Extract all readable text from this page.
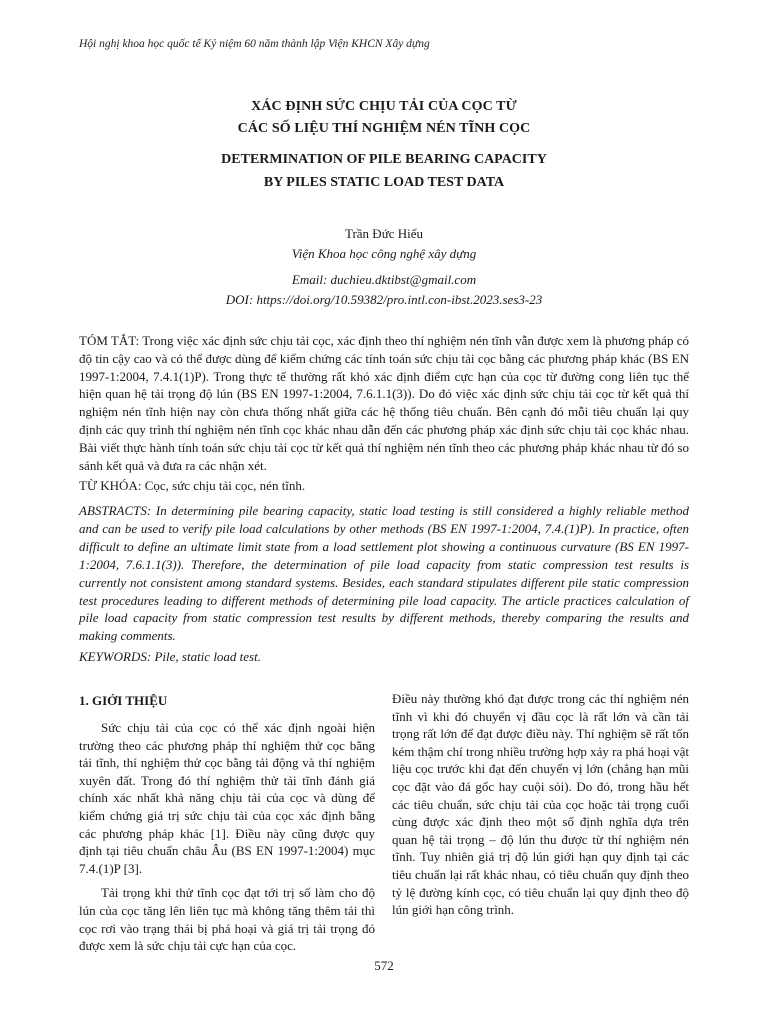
Hội nghị khoa học quốc tế Kỷ niệm 60 năm thành lập Viện KHCN Xây dựng
XÁC ĐỊNH SỨC CHỊU TẢI CỦA CỌC TỪ
CÁC SỐ LIỆU THÍ NGHIỆM NÉN TĨNH CỌC
DETERMINATION OF PILE BEARING CAPACITY
BY PILES STATIC LOAD TEST DATA
Trần Đức Hiếu
Viện Khoa học công nghệ xây dựng
Email: duchieu.dktibst@gmail.com
DOI: https://doi.org/10.59382/pro.intl.con-ibst.2023.ses3-23

TÓM TẮT: Trong việc xác định sức chịu tải cọc, xác định theo thí nghiệm nén tĩnh vẫn được xem là phương pháp có độ tin cậy cao và có thể được dùng để kiểm chứng các tính toán sức chịu tải cọc bằng các phương pháp khác (BS EN 1997-1:2004, 7.4.1(1)P). Trong thực tế thường rất khó xác định điểm cực hạn của cọc từ đường cong liên tục thể hiện quan hệ tải trọng độ lún (BS EN 1997-1:2004, 7.6.1.1(3)). Do đó việc xác định sức chịu tải cọc từ kết quả thí nghiệm nén tĩnh hiện nay còn chưa thống nhất giữa các hệ thống tiêu chuẩn. Bên cạnh đó mỗi tiêu chuẩn lại quy định các quy trình thí nghiệm nén tĩnh cọc khác nhau dẫn đến các phương pháp xác định sức chịu tải cọc khác nhau. Bài viết thực hành tính toán sức chịu tải cọc từ kết quả thí nghiệm nén tĩnh theo các phương pháp khác nhau từ đó so sánh kết quả và đưa ra các nhận xét.

TỪ KHÓA: Cọc, sức chịu tải cọc, nén tĩnh.

ABSTRACTS: In determining pile bearing capacity, static load testing is still considered a highly reliable method and can be used to verify pile load calculations by other methods (BS EN 1997-1:2004, 7.4.(1)P). In practice, often difficult to define an ultimate limit state from a load settlement plot showing a continuous curvature (BS EN 1997-1:2004, 7.6.1.1(3)). Therefore, the determination of pile load capacity from static compression test results is currently not consistent among standard systems. Besides, each standard stipulates different pile static compression test procedures leading to different methods of determining pile load capacity. The article practices calculation of pile load capacity from static compression test results by different methods, thereby comparing the results and making comments.

KEYWORDS: Pile, static load test.

1. GIỚI THIỆU

Sức chịu tải của cọc có thể xác định ngoài hiện trường theo các phương pháp thí nghiệm thử cọc bằng tải tĩnh, thí nghiệm thử cọc bằng tải động và thí nghiệm xuyên đất. Trong đó thí nghiệm thử tải tĩnh đánh giá chính xác nhất khả năng chịu tải của cọc và dùng để kiểm chứng giá trị sức chịu tải của cọc xác định bằng các phương pháp khác [1]. Điều này cũng được quy định tại tiêu chuẩn châu Âu (BS EN 1997-1:2004) mục 7.4.(1)P [3].

Tải trọng khi thử tĩnh cọc đạt tới trị số làm cho độ lún của cọc tăng lên liên tục mà không tăng thêm tải thì cọc rơi vào trạng thái bị phá hoại và giá trị tải trọng đó được xem là sức chịu tải cực hạn của cọc.

Điều này thường khó đạt được trong các thí nghiệm nén tĩnh vì khi đó chuyển vị đầu cọc là rất lớn và cần tải trọng rất lớn để đạt được điều này. Thí nghiệm sẽ rất tốn kém thậm chí trong nhiều trường hợp xảy ra phá hoại vật liệu cọc trước khi đạt đến chuyển vị lớn (chẳng hạn mũi cọc đặt vào đá gốc hay cuội sỏi). Do đó, trong hầu hết các tiêu chuẩn, sức chịu tải của cọc hoặc tải trọng cuối cùng được xác định theo một số định nghĩa dựa trên quan hệ tải trọng – độ lún thu được từ thí nghiệm nén tĩnh. Tuy nhiên giá trị độ lún giới hạn quy định tại các tiêu chuẩn lại rất khác nhau, có tiêu chuẩn quy định theo tỷ lệ đường kính cọc, có tiêu chuẩn lại quy định theo độ lún giới hạn công trình.

572
